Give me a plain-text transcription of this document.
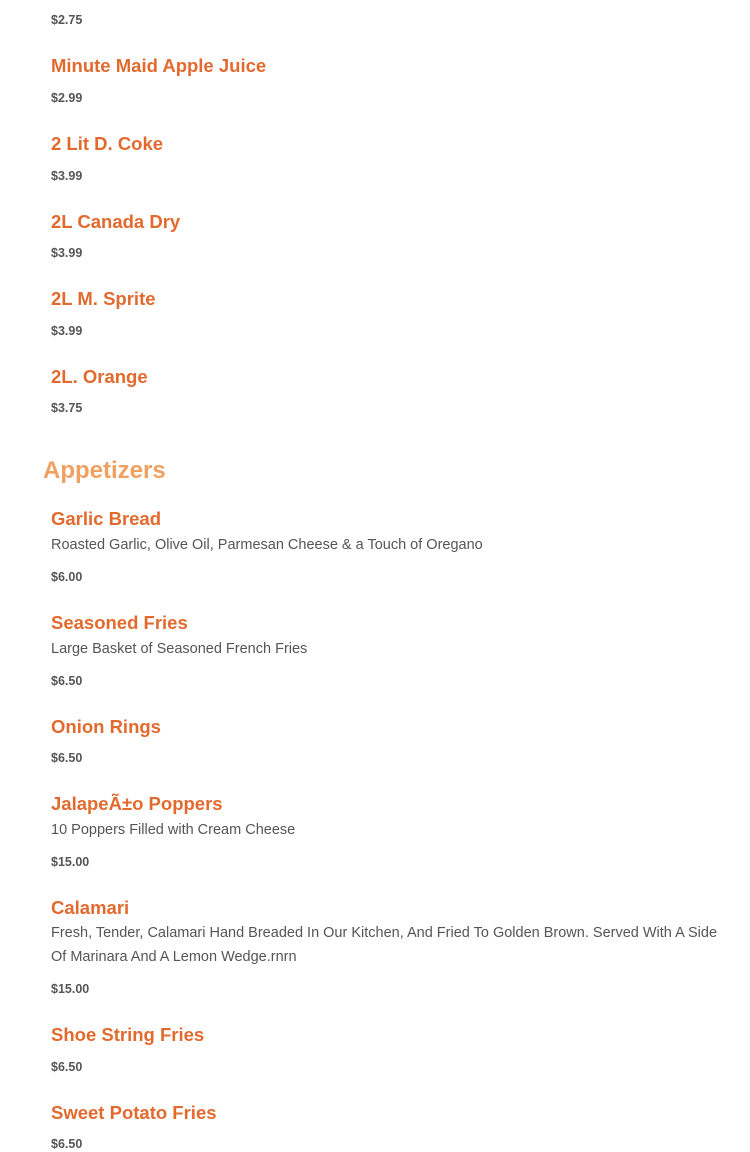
$2.75

Minute Maid Apple Juice

$2.99

2 Lit D. Coke

$3.99

2L Canada Dry

$3.99

2L M. Sprite

$3.99

2L. Orange

$3.75

Appetizers

Garlic Bread

Roasted Garlic, Olive Oil, Parmesan Cheese & a Touch of Oregano

$6.00

Seasoned Fries

Large Basket of Seasoned French Fries

$6.50

Onion Rings

$6.50

JalapeÃ±o Poppers

10 Poppers Filled with Cream Cheese

$15.00

Calamari

Fresh, Tender, Calamari Hand Breaded In Our Kitchen, And Fried To Golden Brown. Served With A Side Of Marinara And A Lemon Wedge.rnrn

$15.00

Shoe String Fries

$6.50

Sweet Potato Fries

$6.50
